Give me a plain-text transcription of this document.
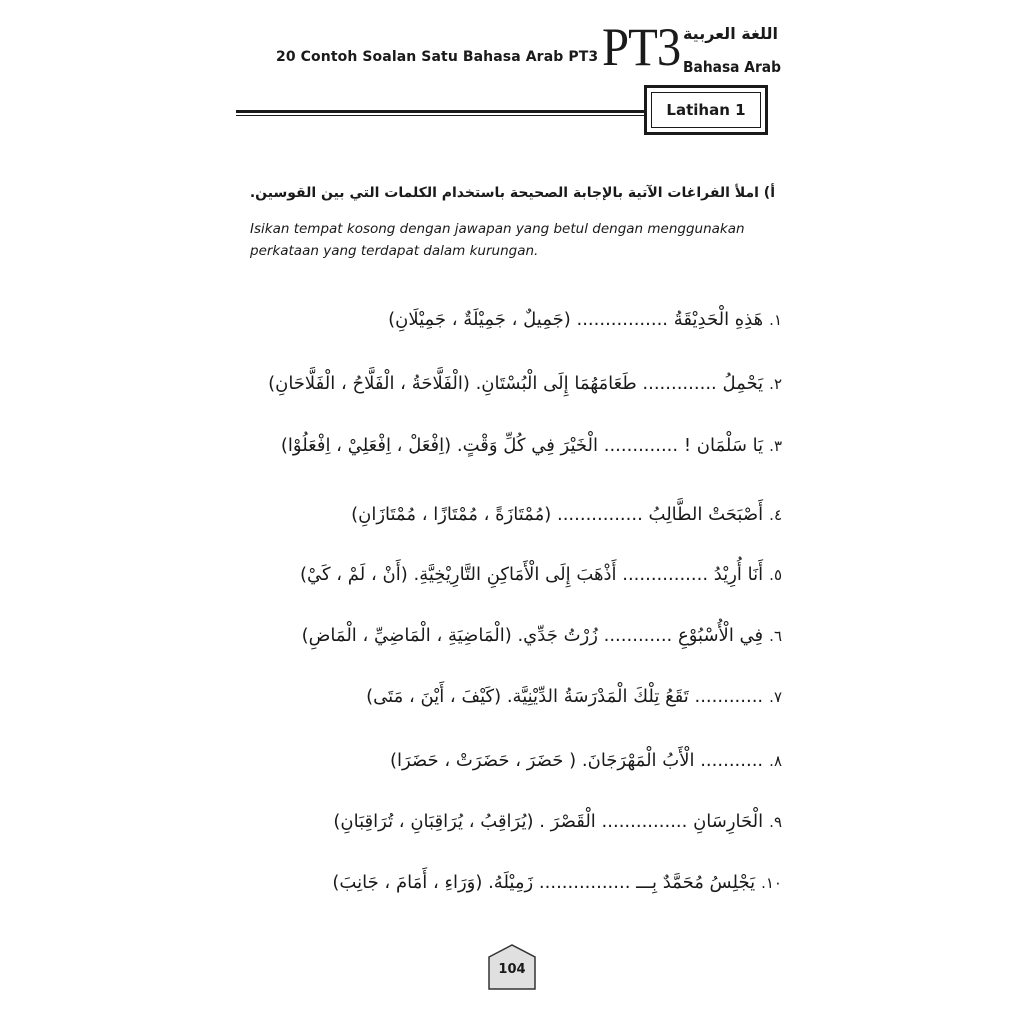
20 Contoh Soalan Satu Bahasa Arab PT3 PT3 اللغة العربية
Bahasa Arab
Latihan 1
أ) املأ الفراغات الآتية بالإجابة الصحيحة باستخدام الكلمات التي بين القوسين.
Isikan tempat kosong dengan jawapan yang betul dengan menggunakan perkataan yang terdapat dalam kurungan.
١.هَذِهِ الْحَدِيْقَةُ ................ (جَمِيلٌ ، جَمِيْلَةٌ ، جَمِيْلَانِ)
٢.يَحْمِلُ ............. طَعَامَهُمَا إِلَى الْبُسْتَانِ. (الْفَلَّاحَةُ ، الْفَلَّاحُ ، الْفَلَّاحَانِ)
٣.يَا سَلْمَان ! ............. الْخَيْرَ فِي كُلِّ وَقْتٍ. (اِفْعَلْ ، اِفْعَلِيْ ، اِفْعَلُوْا)
٤.أَصْبَحَتْ الطَّالِبُ ............... (مُمْتَازَةً ، مُمْتَازًا ، مُمْتَازَانِ)
٥.أَنَا أُرِيْدُ ............... أَذْهَبَ إِلَى الْأَمَاكِنِ التَّارِيْخِيَّةِ. (أَنْ ، لَمْ ، كَيْ)
٦.فِي الْأُسْبُوْعِ ............ زُرْتُ جَدِّي. (الْمَاضِيَةِ ، الْمَاضِيِّ ، الْمَاضِ)
٧............. تَقَعُ تِلْكَ الْمَدْرَسَةُ الدِّيْنِيَّة. (كَيْفَ ، أَيْنَ ، مَتَى)
٨............ الْأَبُ الْمَهْرَجَانَ. ( حَضَرَ ، حَضَرَتْ ، حَضَرَا)
٩.الْحَارِسَانِ ............... الْقَصْرَ . (يُرَاقِبُ ، يُرَاقِبَانِ ، تُرَاقِبَانِ)
١٠.يَجْلِسُ مُحَمَّدٌ بِـــ ................ زَمِيْلَهُ. (وَرَاءِ ، أَمَامَ ، جَانِبَ)
104
